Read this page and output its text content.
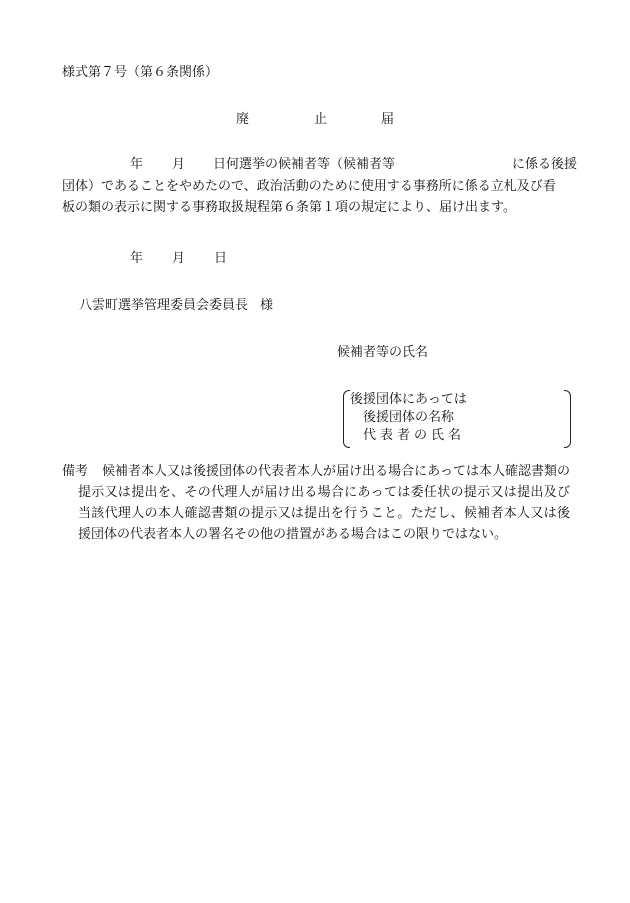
様式第７号（第６条関係）
廃	止	届
年 月 日何選挙の候補者等（候補者等	に係る後援
団体）であることをやめたので、政治活動のために使用する事務所に係る立札及び看
板の類の表示に関する事務取扱規程第６条第１項の規定により、届け出ます。
年 月 日
八雲町選挙管理委員会委員長 様
候補者等の氏名
後援団体にあっては
後援団体の名称
代表者の氏名
備考	候補者本人又は後援団体の代表者本人が届け出る場合にあっては本人確認書類の提示又は提出を、その代理人が届け出る場合にあっては委任状の提示又は提出及び当該代理人の本人確認書類の提示又は提出を行うこと。ただし、候補者本人又は後援団体の代表者本人の署名その他の措置がある場合はこの限りではない。
